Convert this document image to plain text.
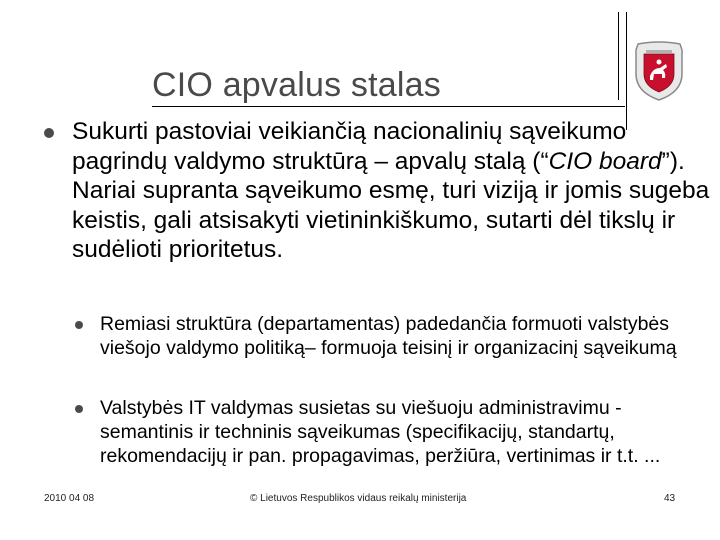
CIO apvalus stalas
Sukurti pastoviai veikiančią nacionalinių sąveikumo pagrindų valdymo struktūrą – apvalų stalą (“CIO board”). Nariai supranta sąveikumo esmę, turi viziją ir jomis sugeba keistis, gali atsisakyti vietininkiškumo, sutarti dėl tikslų ir sudėlioti prioritetus.
Remiasi struktūra (departamentas) padedančia formuoti valstybės viešojo valdymo politiką– formuoja teisinį ir organizacinį sąveikumą
Valstybės IT valdymas susietas su viešuoju administravimu - semantinis ir techninis sąveikumas (specifikacijų, standartų, rekomendacijų ir pan. propagavimas, peržiūra, vertinimas ir t.t. ...
2010 04 08	© Lietuvos Respublikos vidaus reikalų ministerija	43
